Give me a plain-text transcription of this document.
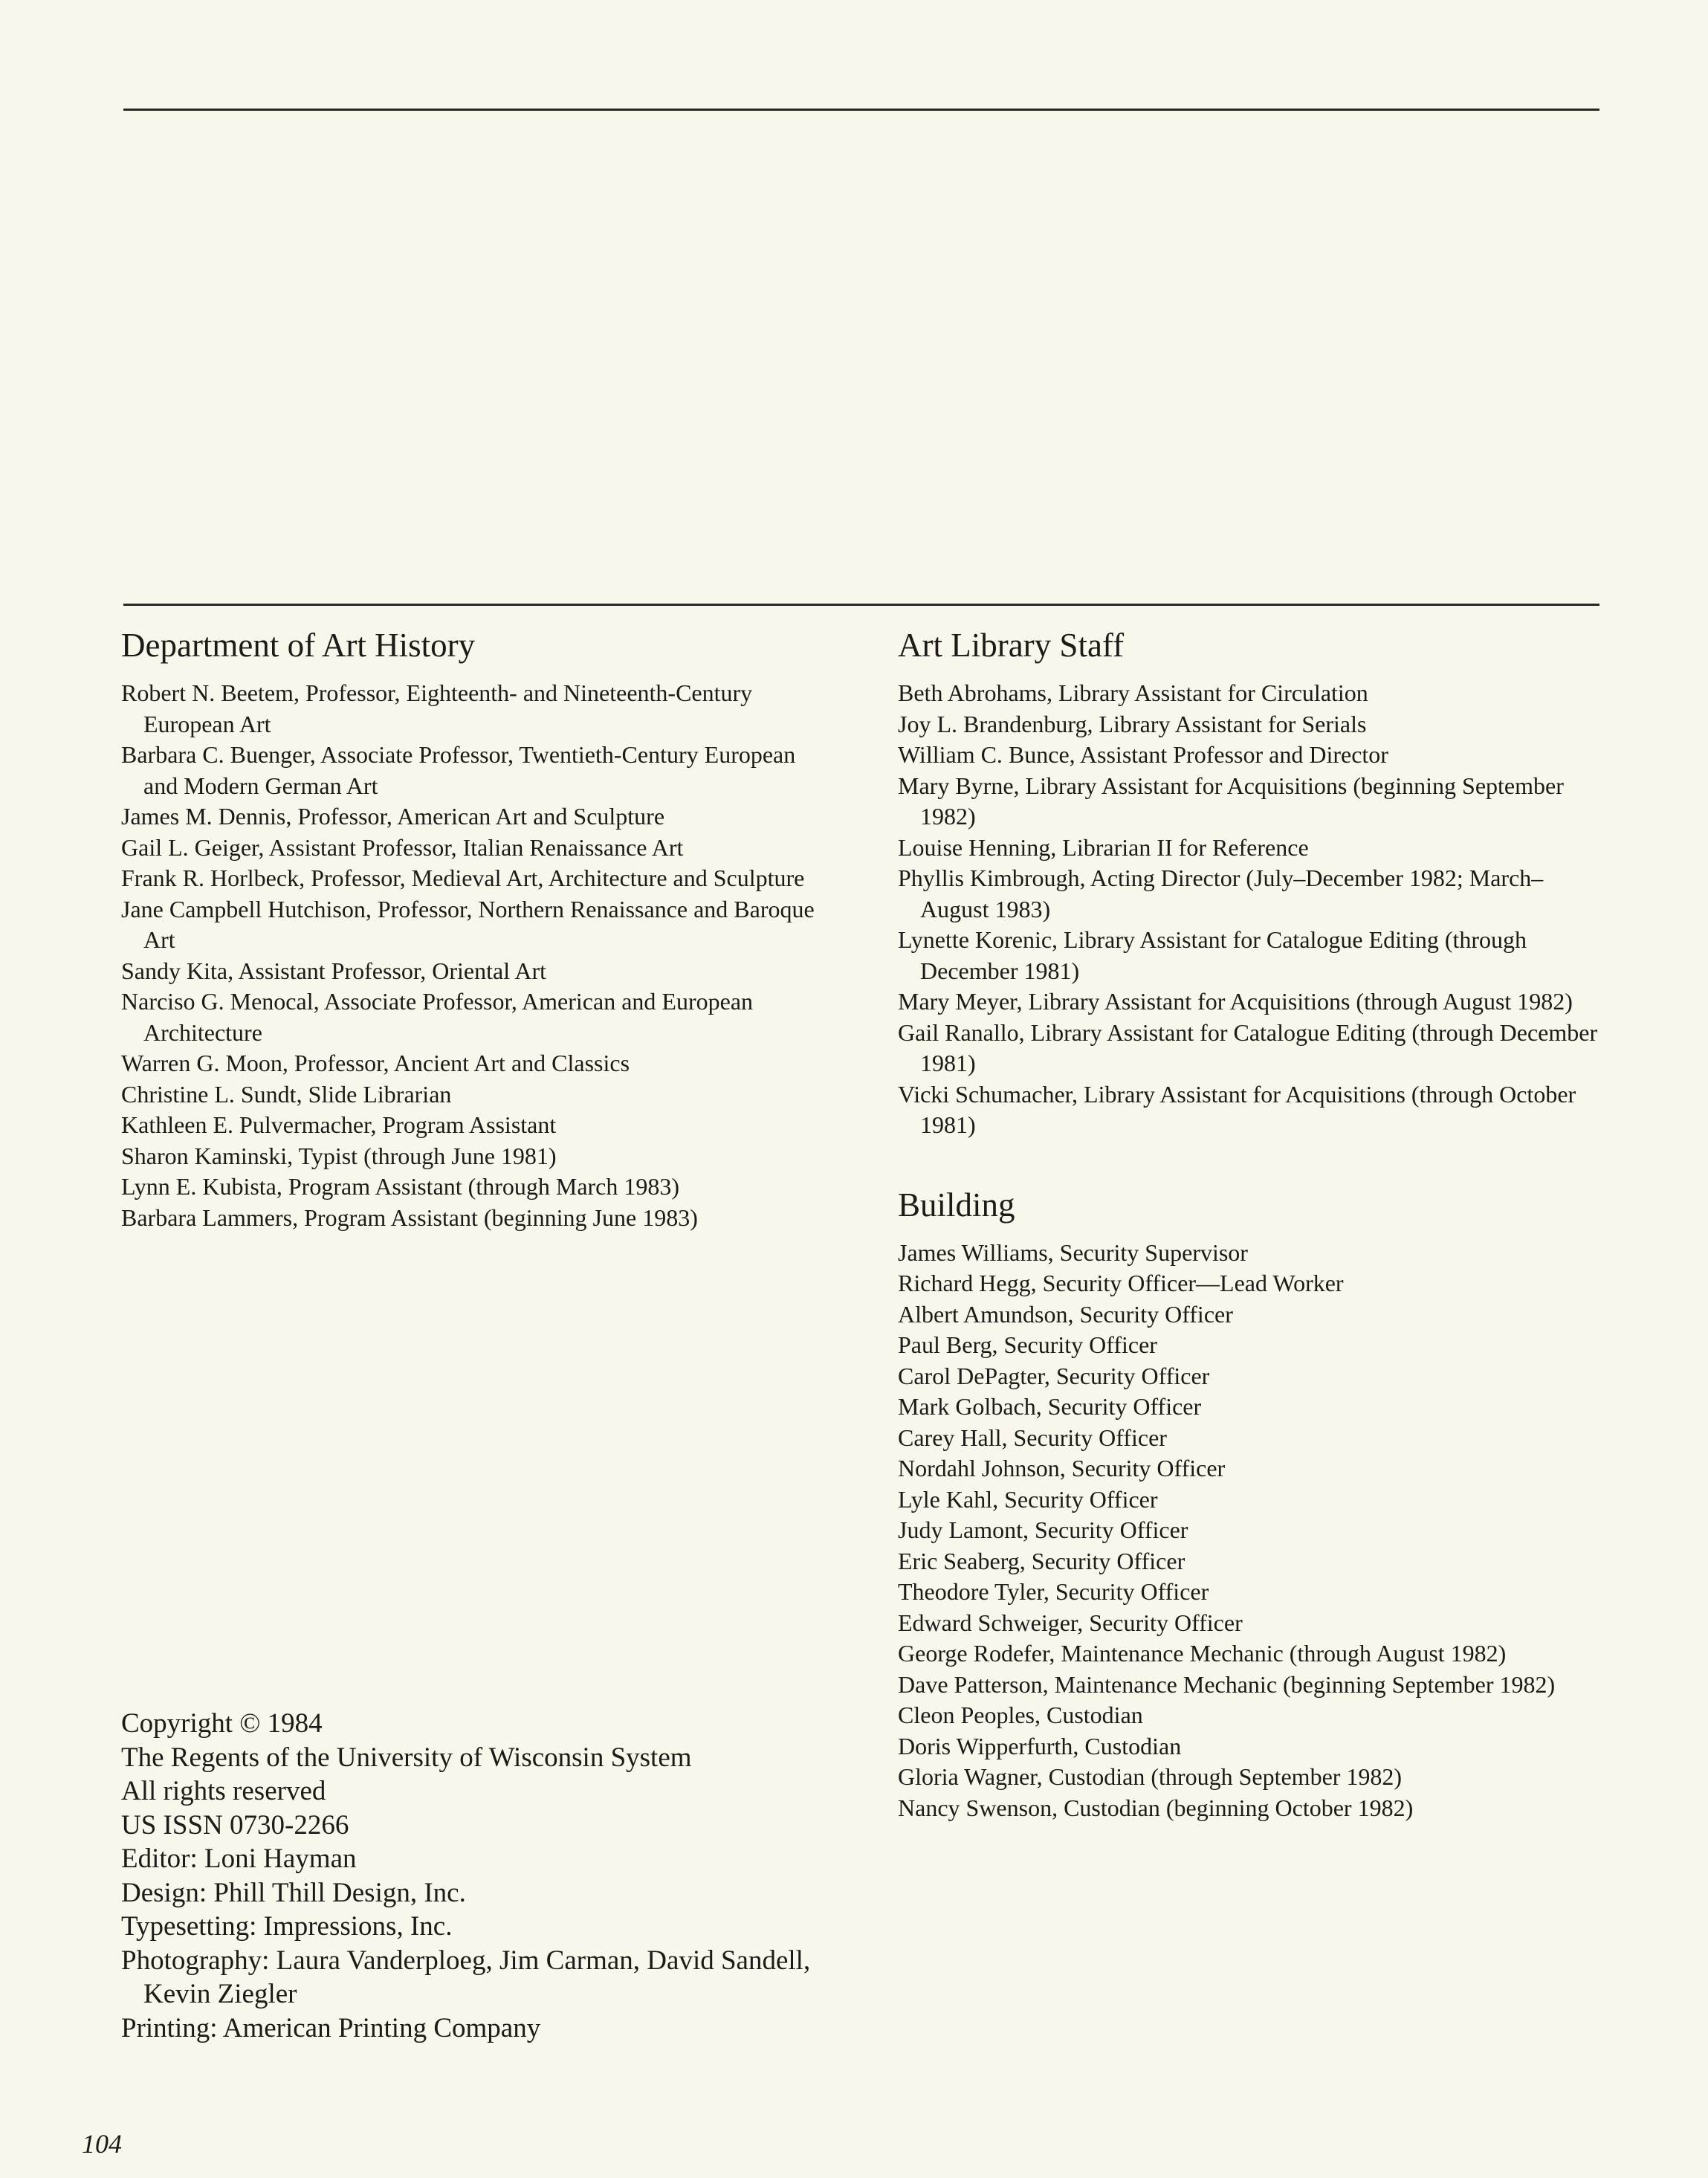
Department of Art History
Robert N. Beetem, Professor, Eighteenth- and Nineteenth-Century European Art
Barbara C. Buenger, Associate Professor, Twentieth-Century European and Modern German Art
James M. Dennis, Professor, American Art and Sculpture
Gail L. Geiger, Assistant Professor, Italian Renaissance Art
Frank R. Horlbeck, Professor, Medieval Art, Architecture and Sculpture
Jane Campbell Hutchison, Professor, Northern Renaissance and Baroque Art
Sandy Kita, Assistant Professor, Oriental Art
Narciso G. Menocal, Associate Professor, American and European Architecture
Warren G. Moon, Professor, Ancient Art and Classics
Christine L. Sundt, Slide Librarian
Kathleen E. Pulvermacher, Program Assistant
Sharon Kaminski, Typist (through June 1981)
Lynn E. Kubista, Program Assistant (through March 1983)
Barbara Lammers, Program Assistant (beginning June 1983)
Art Library Staff
Beth Abrohams, Library Assistant for Circulation
Joy L. Brandenburg, Library Assistant for Serials
William C. Bunce, Assistant Professor and Director
Mary Byrne, Library Assistant for Acquisitions (beginning September 1982)
Louise Henning, Librarian II for Reference
Phyllis Kimbrough, Acting Director (July–December 1982; March–August 1983)
Lynette Korenic, Library Assistant for Catalogue Editing (through December 1981)
Mary Meyer, Library Assistant for Acquisitions (through August 1982)
Gail Ranallo, Library Assistant for Catalogue Editing (through December 1981)
Vicki Schumacher, Library Assistant for Acquisitions (through October 1981)
Building
James Williams, Security Supervisor
Richard Hegg, Security Officer—Lead Worker
Albert Amundson, Security Officer
Paul Berg, Security Officer
Carol DePagter, Security Officer
Mark Golbach, Security Officer
Carey Hall, Security Officer
Nordahl Johnson, Security Officer
Lyle Kahl, Security Officer
Judy Lamont, Security Officer
Eric Seaberg, Security Officer
Theodore Tyler, Security Officer
Edward Schweiger, Security Officer
George Rodefer, Maintenance Mechanic (through August 1982)
Dave Patterson, Maintenance Mechanic (beginning September 1982)
Cleon Peoples, Custodian
Doris Wipperfurth, Custodian
Gloria Wagner, Custodian (through September 1982)
Nancy Swenson, Custodian (beginning October 1982)
Copyright © 1984
The Regents of the University of Wisconsin System
All rights reserved
US ISSN 0730-2266
Editor: Loni Hayman
Design: Phill Thill Design, Inc.
Typesetting: Impressions, Inc.
Photography: Laura Vanderploeg, Jim Carman, David Sandell, Kevin Ziegler
Printing: American Printing Company
104
